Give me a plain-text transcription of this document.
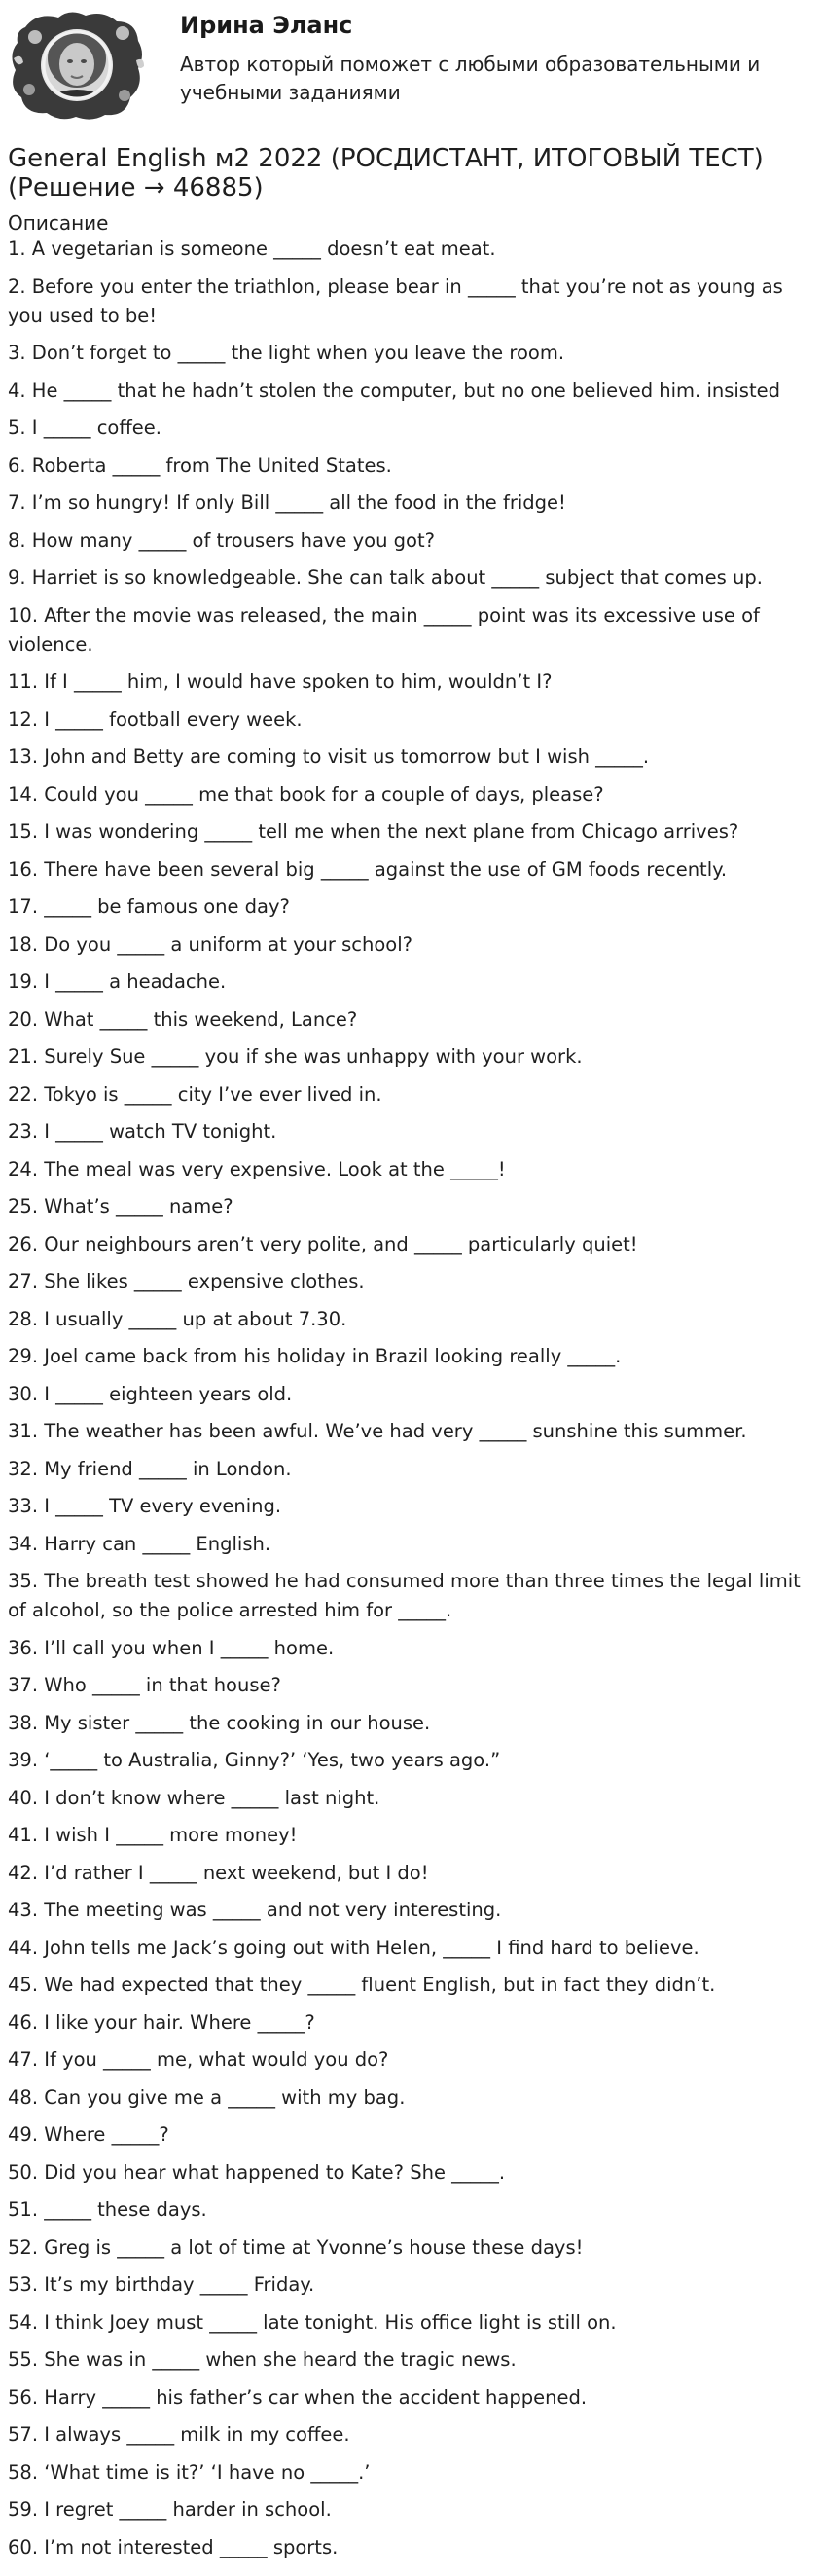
Ирина Эланс
Автор который поможет с любыми образовательными и учебными заданиями
General English м2 2022 (РОСДИСТАНТ, ИТОГОВЫЙ ТЕСТ) (Решение → 46885)
Описание
1. A vegetarian is someone _____ doesn’t eat meat.
2. Before you enter the triathlon, please bear in _____ that you’re not as young as you used to be!
3. Don’t forget to _____ the light when you leave the room.
4. He _____ that he hadn’t stolen the computer, but no one believed him. insisted
5. I _____ coffee.
6. Roberta _____ from The United States.
7. I’m so hungry! If only Bill _____ all the food in the fridge!
8. How many _____ of trousers have you got?
9. Harriet is so knowledgeable. She can talk about _____ subject that comes up.
10. After the movie was released, the main _____ point was its excessive use of violence.
11. If I _____ him, I would have spoken to him, wouldn’t I?
12. I _____ football every week.
13. John and Betty are coming to visit us tomorrow but I wish _____.
14. Could you _____ me that book for a couple of days, please?
15. I was wondering _____ tell me when the next plane from Chicago arrives?
16. There have been several big _____ against the use of GM foods recently.
17. _____ be famous one day?
18. Do you _____ a uniform at your school?
19. I _____ a headache.
20. What _____ this weekend, Lance?
21. Surely Sue _____ you if she was unhappy with your work.
22. Tokyo is _____ city I’ve ever lived in.
23. I _____ watch TV tonight.
24. The meal was very expensive. Look at the _____!
25. What’s _____ name?
26. Our neighbours aren’t very polite, and _____ particularly quiet!
27. She likes _____ expensive clothes.
28. I usually _____ up at about 7.30.
29. Joel came back from his holiday in Brazil looking really _____.
30. I _____ eighteen years old.
31. The weather has been awful. We’ve had very _____ sunshine this summer.
32. My friend _____ in London.
33. I _____ TV every evening.
34. Harry can _____ English.
35. The breath test showed he had consumed more than three times the legal limit of alcohol, so the police arrested him for _____.
36. I’ll call you when I _____ home.
37. Who _____ in that house?
38. My sister _____ the cooking in our house.
39. ‘_____ to Australia, Ginny?’ ‘Yes, two years ago.”
40. I don’t know where _____ last night.
41. I wish I _____ more money!
42. I’d rather I _____ next weekend, but I do!
43. The meeting was _____ and not very interesting.
44. John tells me Jack’s going out with Helen, _____ I find hard to believe.
45. We had expected that they _____ fluent English, but in fact they didn’t.
46. I like your hair. Where _____?
47. If you _____ me, what would you do?
48. Can you give me a _____ with my bag.
49. Where _____?
50. Did you hear what happened to Kate? She _____.
51. _____ these days.
52. Greg is _____ a lot of time at Yvonne’s house these days!
53. It’s my birthday _____ Friday.
54. I think Joey must _____ late tonight. His office light is still on.
55. She was in _____ when she heard the tragic news.
56. Harry _____ his father’s car when the accident happened.
57. I always _____ milk in my coffee.
58. ‘What time is it?’ ‘I have no _____.’
59. I regret _____ harder in school.
60. I’m not interested _____ sports.
